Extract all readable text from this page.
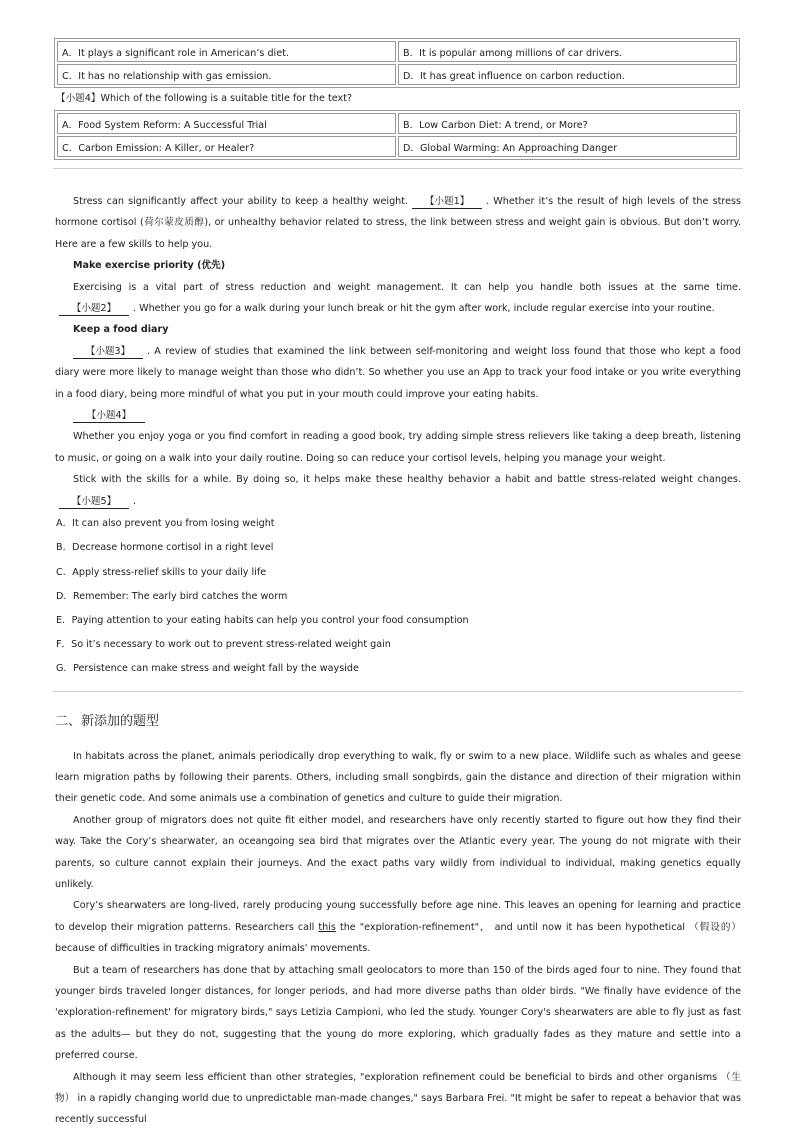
A．It plays a significant role in American’s diet.	B．It is popular among millions of car drivers.
C．It has no relationship with gas emission.	D．It has great influence on carbon reduction.
【小题4】Which of the following is a suitable title for the text?
A．Food System Reform: A Successful Trial	B．Low Carbon Diet: A trend, or More?
C．Carbon Emission: A Killer, or Healer?	D．Global Warming: An Approaching Danger
Stress can significantly affect your ability to keep a healthy weight. 【小题1】 . Whether it’s the result of high levels of the stress hormone cortisol (荷尔蒙皮质醇), or unhealthy behavior related to stress, the link between stress and weight gain is obvious. But don’t worry. Here are a few skills to help you.
Make exercise priority (优先)
Exercising is a vital part of stress reduction and weight management. It can help you handle both issues at the same time.【小题2】 . Whether you go for a walk during your lunch break or hit the gym after work, include regular exercise into your routine.
Keep a food diary
【小题3】 . A review of studies that examined the link between self-monitoring and weight loss found that those who kept a food diary were more likely to manage weight than those who didn’t. So whether you use an App to track your food intake or you write everything in a food diary, being more mindful of what you put in your mouth could improve your eating habits.
【小题4】
Whether you enjoy yoga or you find comfort in reading a good book, try adding simple stress relievers like taking a deep breath, listening to music, or going on a walk into your daily routine. Doing so can reduce your cortisol levels, helping you manage your weight.
Stick with the skills for a while. By doing so, it helps make these healthy behavior a habit and battle stress-related weight changes.【小题5】 .
A．It can also prevent you from losing weight
B．Decrease hormone cortisol in a right level
C．Apply stress-relief skills to your daily life
D．Remember: The early bird catches the worm
E．Paying attention to your eating habits can help you control your food consumption
F．So it’s necessary to work out to prevent stress-related weight gain
G．Persistence can make stress and weight fall by the wayside
二、新添加的题型
In habitats across the planet, animals periodically drop everything to walk, fly or swim to a new place. Wildlife such as whales and geese learn migration paths by following their parents. Others, including small songbirds, gain the distance and direction of their migration within their genetic code. And some animals use a combination of genetics and culture to guide their migration.
Another group of migrators does not quite fit either model, and researchers have only recently started to figure out how they find their way. Take the Cory’s shearwater, an oceangoing sea bird that migrates over the Atlantic every year. The young do not migrate with their parents, so culture cannot explain their journeys. And the exact paths vary wildly from individual to individual, making genetics equally unlikely.
Cory’s shearwaters are long-lived, rarely producing young successfully before age nine. This leaves an opening for learning and practice to develop their migration patterns. Researchers call this the "exploration-refinement"， and until now it has been hypothetical （假设的） because of difficulties in tracking migratory animals' movements.
But a team of researchers has done that by attaching small geolocators to more than 150 of the birds aged four to nine. They found that younger birds traveled longer distances, for longer periods, and had more diverse paths than older birds. "We finally have evidence of the 'exploration-refinement' for migratory birds," says Letizia Campioni, who led the study. Younger Cory's shearwaters are able to fly just as fast as the adults— but they do not, suggesting that the young do more exploring, which gradually fades as they mature and settle into a preferred course.
Although it may seem less efficient than other strategies, "exploration refinement could be beneficial to birds and other organisms （生物） in a rapidly changing world due to unpredictable man-made changes," says Barbara Frei. "It might be safer to repeat a behavior that was recently successful
